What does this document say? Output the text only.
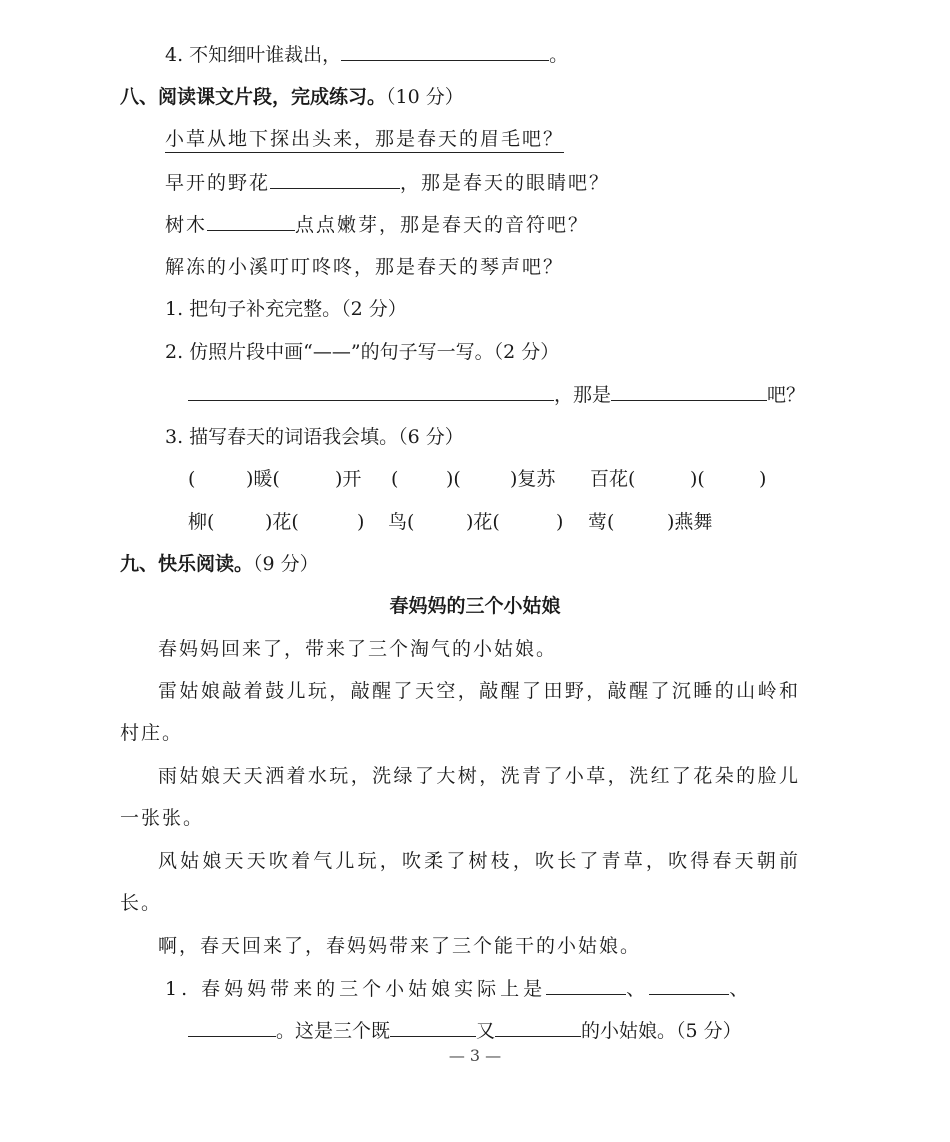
4. 不知细叶谁裁出，	。
八、阅读课文片段，完成练习。（10 分）
小草从地下探出头来，那是春天的眉毛吧？
早开的野花	，那是春天的眼睛吧？
树木	点点嫩芽，那是春天的音符吧？
解冻的小溪叮叮咚咚，那是春天的琴声吧？
1. 把句子补充完整。（2 分）
2. 仿照片段中画“——”的句子写一写。（2 分）
，那是	吧？
3. 描写春天的词语我会填。（6 分）
(	)暖(	)开 (	)(	)复苏 百花(	)(	)
柳(	)花(	) 鸟(	)花(	) 莺(	)燕舞
九、快乐阅读。（9 分）
春妈妈的三个小姑娘
春妈妈回来了，带来了三个淘气的小姑娘。
雷姑娘敲着鼓儿玩，敲醒了天空，敲醒了田野，敲醒了沉睡的山岭和村庄。
雨姑娘天天洒着水玩，洗绿了大树，洗青了小草，洗红了花朵的脸儿一张张。
风姑娘天天吹着气儿玩，吹柔了树枝，吹长了青草，吹得春天朝前长。
啊，春天回来了，春妈妈带来了三个能干的小姑娘。
1. 春妈妈带来的三个小姑娘实际上是	、	、
。这是三个既	又	的小姑娘。（5 分）
— 3 —
